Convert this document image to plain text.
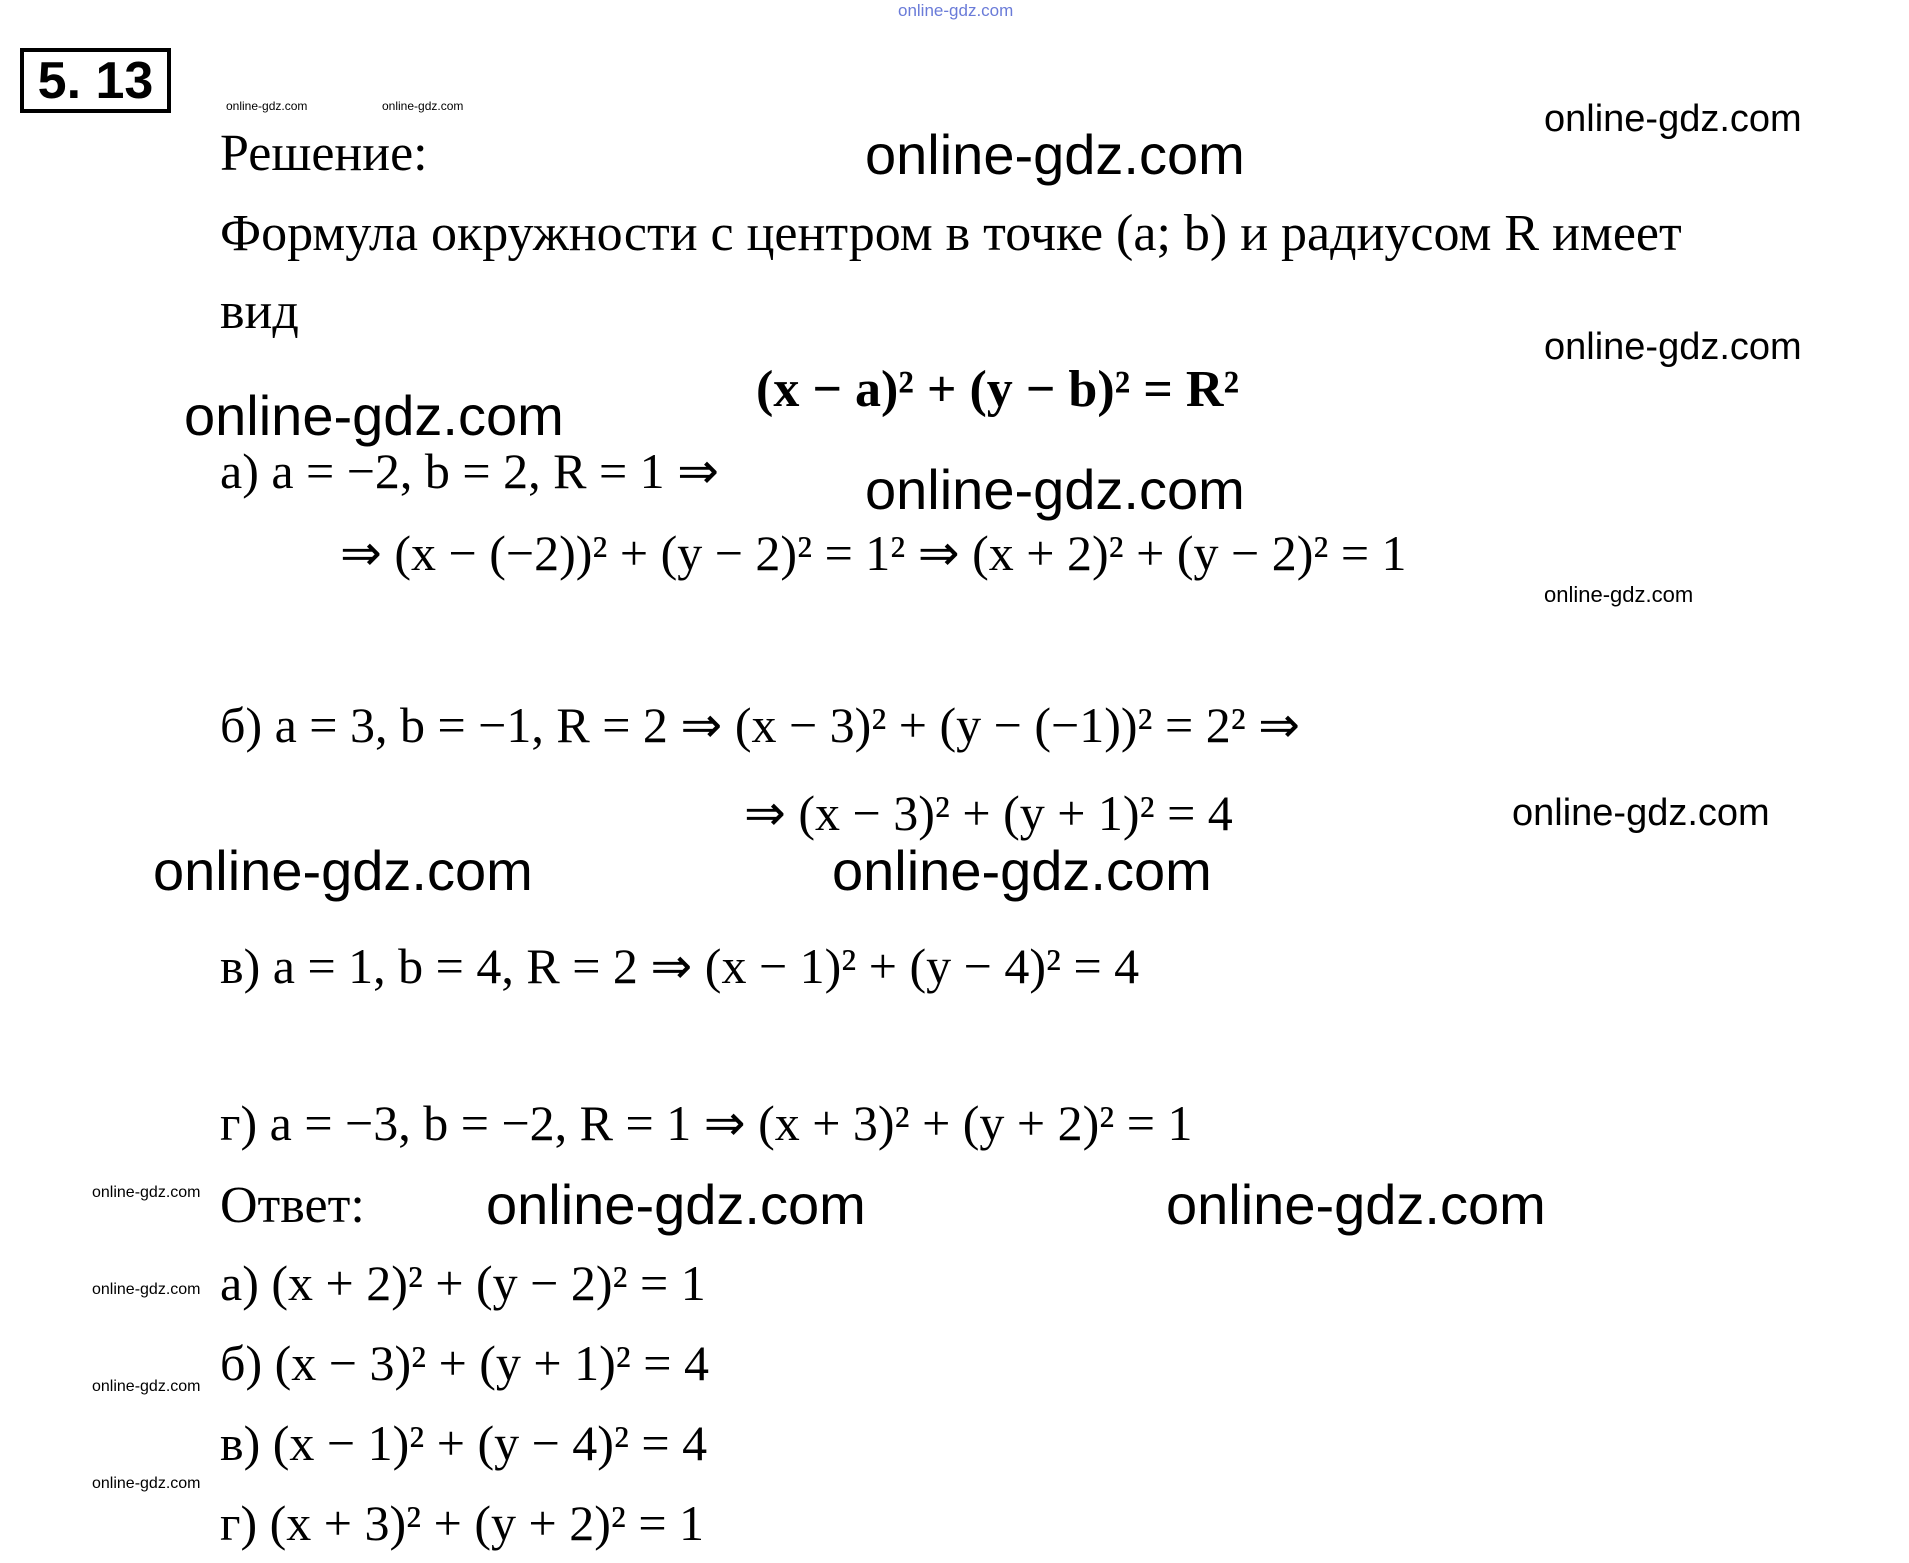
online-gdz.com
5. 13	online-gdz.com	online-gdz.com
Решение:	online-gdz.com
online-gdz.com
Формула окружности с центром в точке (a; b) и радиусом R имеет
вид
online-gdz.com
(x − a)² + (y − b)² = R²
online-gdz.com
а) a = −2, b = 2, R = 1 ⇒	online-gdz.com
⇒ (x − (−2))² + (y − 2)² = 1² ⇒ (x + 2)² + (y − 2)² = 1
online-gdz.com
б) a = 3, b = −1, R = 2 ⇒ (x − 3)² + (y − (−1))² = 2² ⇒
⇒ (x − 3)² + (y + 1)² = 4	online-gdz.com
online-gdz.com	online-gdz.com
в) a = 1, b = 4, R = 2 ⇒ (x − 1)² + (y − 4)² = 4
г) a = −3, b = −2, R = 1 ⇒ (x + 3)² + (y + 2)² = 1
online-gdz.com Ответ: online-gdz.com	online-gdz.com
online-gdz.com а) (x + 2)² + (y − 2)² = 1
online-gdz.com б) (x − 3)² + (y + 1)² = 4
online-gdz.com
в) (x − 1)² + (y − 4)² = 4
г) (x + 3)² + (y + 2)² = 1
